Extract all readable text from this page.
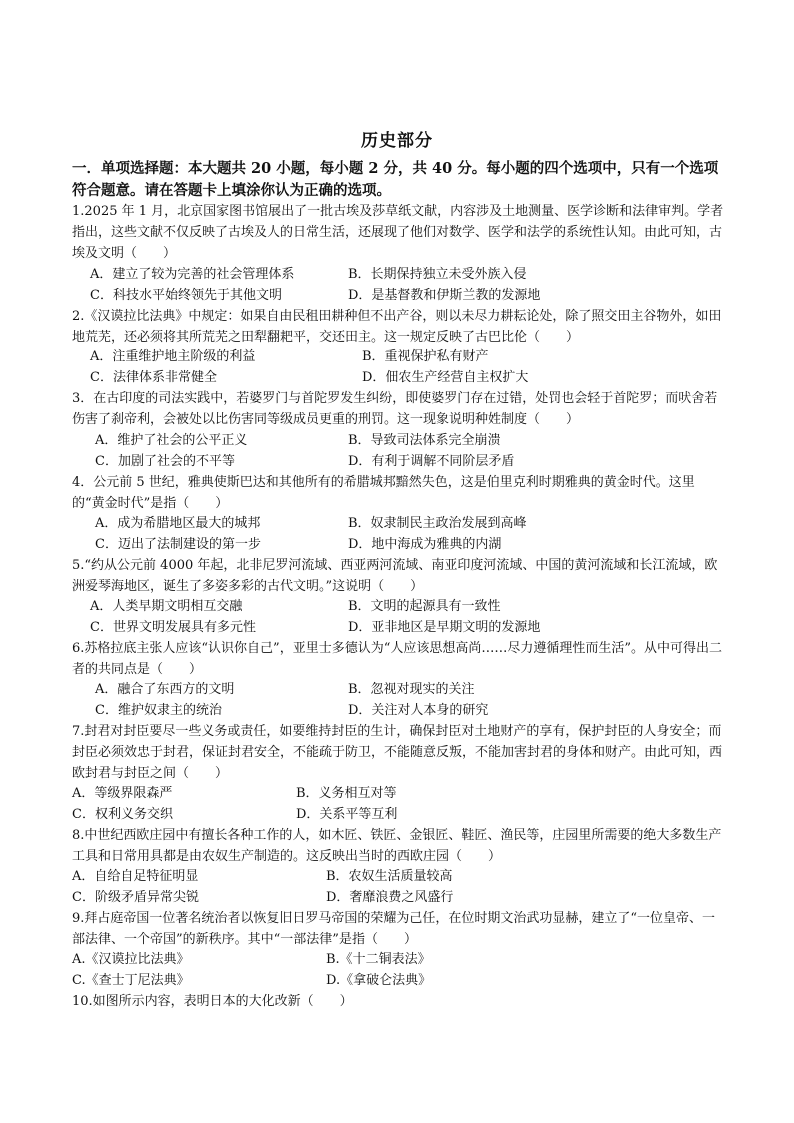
历史部分
一．单项选择题：本大题共 20 小题，每小题 2 分，共 40 分。每小题的四个选项中，只有一个选项符合题意。请在答题卡上填涂你认为正确的选项。
1.2025 年 1 月，北京国家图书馆展出了一批古埃及莎草纸文献，内容涉及土地测量、医学诊断和法律审判。学者指出，这些文献不仅反映了古埃及人的日常生活，还展现了他们对数学、医学和法学的系统性认知。由此可知，古埃及文明（　　）
A．建立了较为完善的社会管理体系	B．长期保持独立未受外族入侵
C．科技水平始终领先于其他文明	D．是基督教和伊斯兰教的发源地
2.《汉谟拉比法典》中规定：如果自由民租田耕种但不出产谷，则以未尽力耕耘论处，除了照交田主谷物外，如田地荒芜，还必须将其所荒芜之田犁翻耙平，交还田主。这一规定反映了古巴比伦（　　）
A．注重维护地主阶级的利益	B．重视保护私有财产
C．法律体系非常健全	D．佃农生产经营自主权扩大
3．在古印度的司法实践中，若婆罗门与首陀罗发生纠纷，即使婆罗门存在过错，处罚也会轻于首陀罗；而吠舍若伤害了刹帝利，会被处以比伤害同等级成员更重的刑罚。这一现象说明种姓制度（　　）
A．维护了社会的公平正义	B．导致司法体系完全崩溃
C．加剧了社会的不平等	D．有利于调解不同阶层矛盾
4．公元前 5 世纪，雅典使斯巴达和其他所有的希腊城邦黯然失色，这是伯里克利时期雅典的黄金时代。这里的“黄金时代”是指（　　）
A．成为希腊地区最大的城邦	B．奴隶制民主政治发展到高峰
C．迈出了法制建设的第一步	D．地中海成为雅典的内湖
5.“约从公元前 4000 年起，北非尼罗河流域、西亚两河流域、南亚印度河流域、中国的黄河流域和长江流域，欧洲爱琴海地区，诞生了多姿多彩的古代文明。”这说明（　　）
A．人类早期文明相互交融	B．文明的起源具有一致性
C．世界文明发展具有多元性	D．亚非地区是早期文明的发源地
6.苏格拉底主张人应该“认识你自己”，亚里士多德认为“人应该思想高尚……尽力遵循理性而生活”。从中可得出二者的共同点是（　　）
A．融合了东西方的文明	B．忽视对现实的关注
C．维护奴隶主的统治	D．关注对人本身的研究
7.封君对封臣要尽一些义务或责任，如要维持封臣的生计，确保封臣对土地财产的享有，保护封臣的人身安全；而封臣必须效忠于封君，保证封君安全，不能疏于防卫，不能随意反叛，不能加害封君的身体和财产。由此可知，西欧封君与封臣之间（　　）
A．等级界限森严	B．义务相互对等
C．权利义务交织	D．关系平等互利
8.中世纪西欧庄园中有擅长各种工作的人，如木匠、铁匠、金银匠、鞋匠、渔民等，庄园里所需要的绝大多数生产工具和日常用具都是由农奴生产制造的。这反映出当时的西欧庄园（　　）
A．自给自足特征明显	B．农奴生活质量较高
C．阶级矛盾异常尖锐	D．奢靡浪费之风盛行
9.拜占庭帝国一位著名统治者以恢复旧日罗马帝国的荣耀为己任，在位时期文治武功显赫，建立了“一位皇帝、一部法律、一个帝国”的新秩序。其中“一部法律”是指（　　）
A.《汉谟拉比法典》	B.《十二铜表法》
C.《查士丁尼法典》	D.《拿破仑法典》
10.如图所示内容，表明日本的大化改新（　　）
